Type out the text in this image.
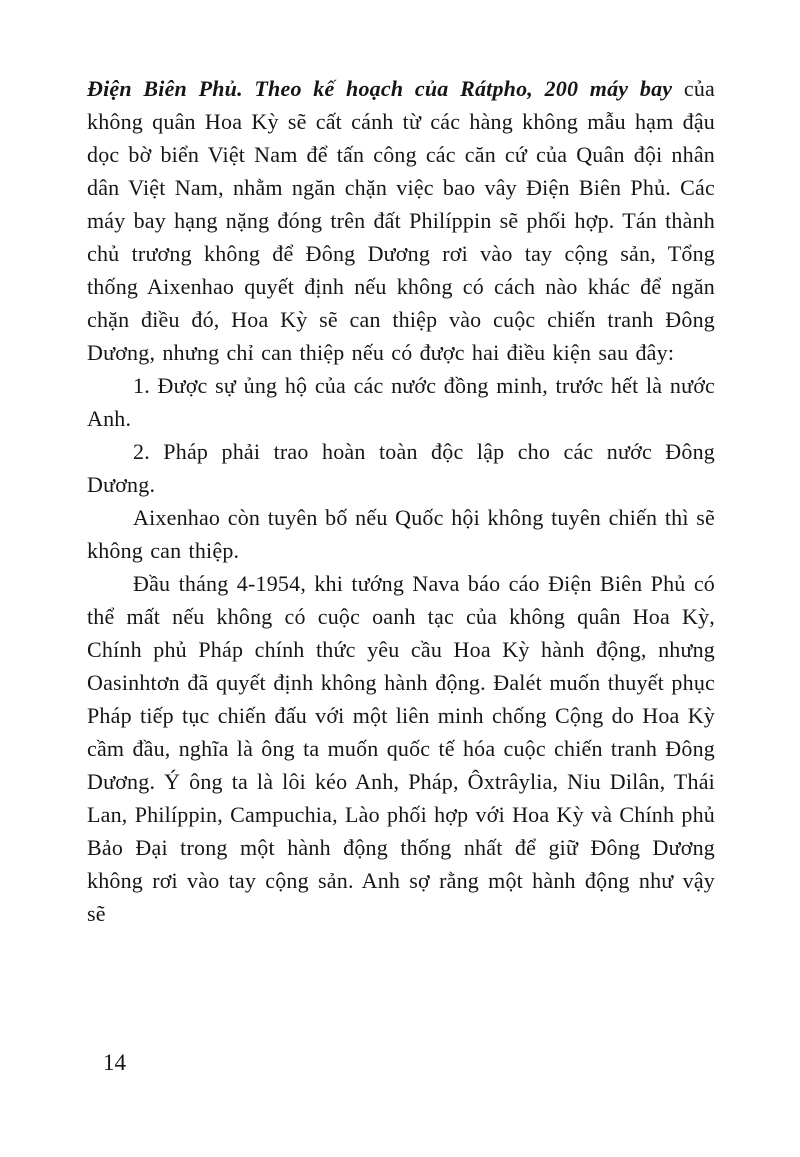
Điện Biên Phủ. Theo kế hoạch của Rátpho, 200 máy bay của không quân Hoa Kỳ sẽ cất cánh từ các hàng không mẫu hạm đậu dọc bờ biển Việt Nam để tấn công các căn cứ của Quân đội nhân dân Việt Nam, nhằm ngăn chặn việc bao vây Điện Biên Phủ. Các máy bay hạng nặng đóng trên đất Philíppin sẽ phối hợp. Tán thành chủ trương không để Đông Dương rơi vào tay cộng sản, Tổng thống Aixenhao quyết định nếu không có cách nào khác để ngăn chặn điều đó, Hoa Kỳ sẽ can thiệp vào cuộc chiến tranh Đông Dương, nhưng chỉ can thiệp nếu có được hai điều kiện sau đây:

1. Được sự ủng hộ của các nước đồng minh, trước hết là nước Anh.

2. Pháp phải trao hoàn toàn độc lập cho các nước Đông Dương.

Aixenhao còn tuyên bố nếu Quốc hội không tuyên chiến thì sẽ không can thiệp.

Đầu tháng 4-1954, khi tướng Nava báo cáo Điện Biên Phủ có thể mất nếu không có cuộc oanh tạc của không quân Hoa Kỳ, Chính phủ Pháp chính thức yêu cầu Hoa Kỳ hành động, nhưng Oasinhtơn đã quyết định không hành động. Đalét muốn thuyết phục Pháp tiếp tục chiến đấu với một liên minh chống Cộng do Hoa Kỳ cầm đầu, nghĩa là ông ta muốn quốc tế hóa cuộc chiến tranh Đông Dương. Ý ông ta là lôi kéo Anh, Pháp, Ôxtrâylia, Niu Dilân, Thái Lan, Philíppin, Campuchia, Lào phối hợp với Hoa Kỳ và Chính phủ Bảo Đại trong một hành động thống nhất để giữ Đông Dương không rơi vào tay cộng sản. Anh sợ rằng một hành động như vậy sẽ

14
